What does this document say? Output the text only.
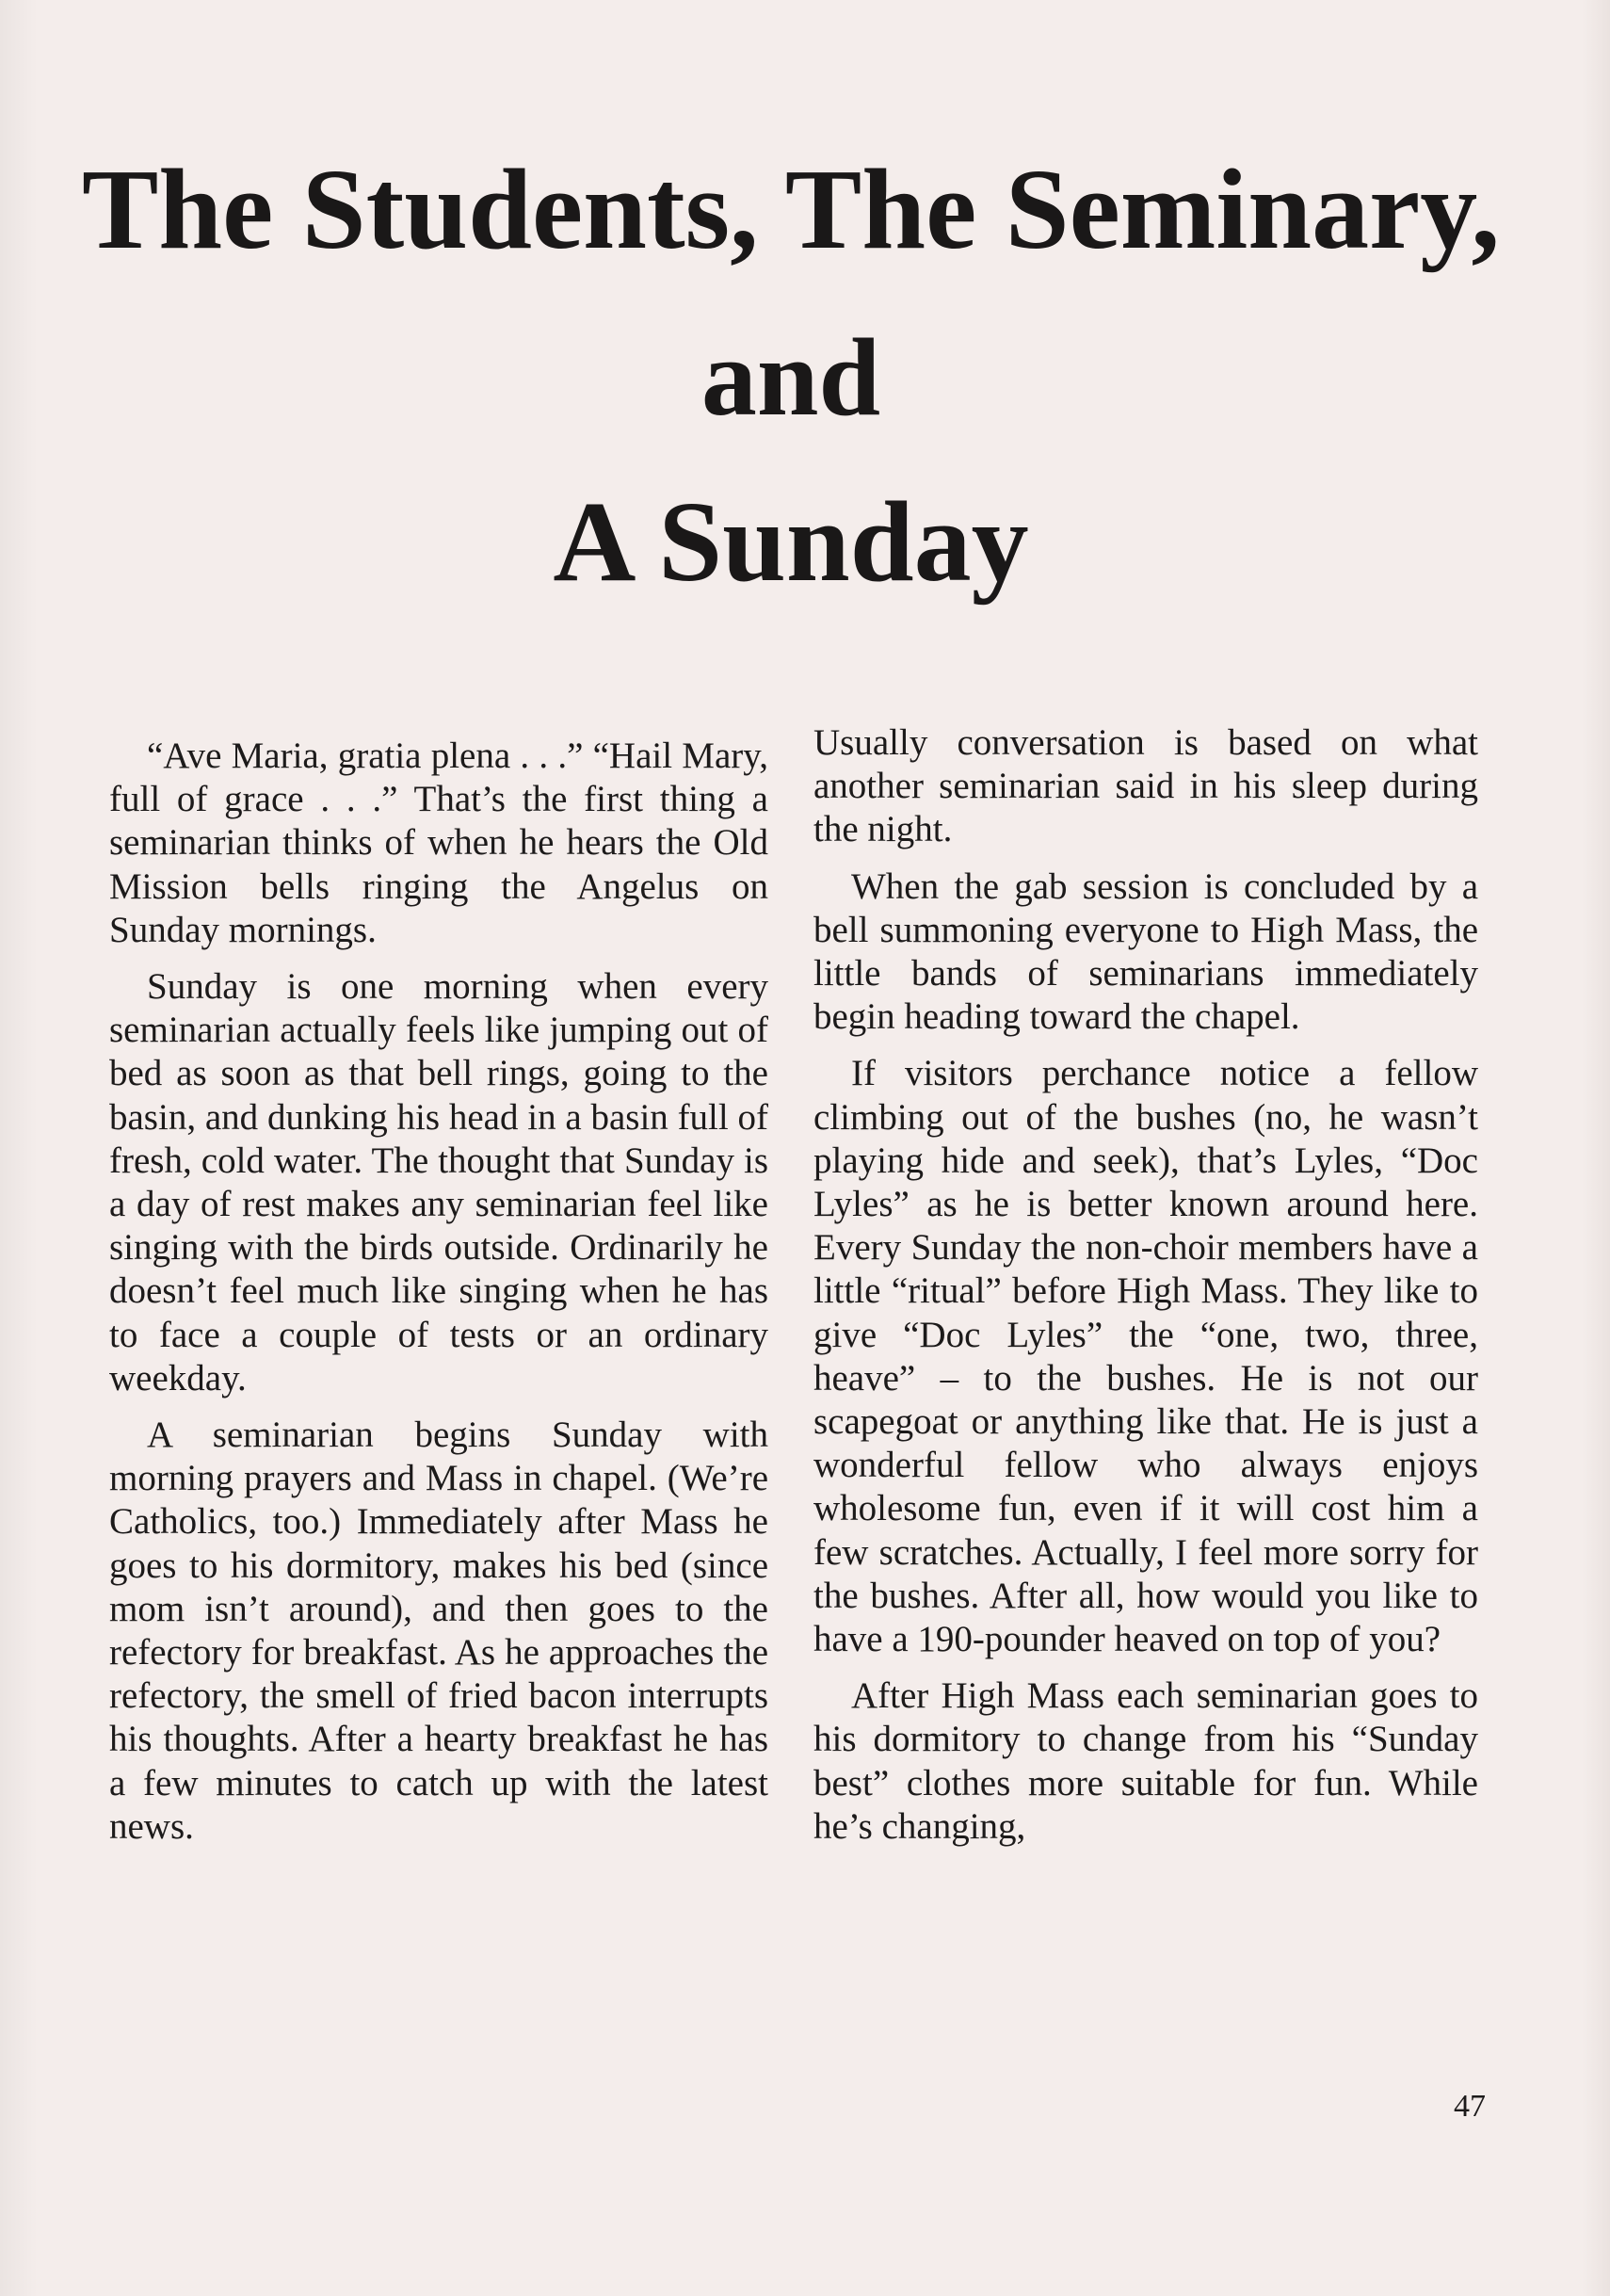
The Students, The Seminary,
and
A Sunday

“Ave Maria, gratia plena . . .” “Hail Mary, full of grace . . .” That’s the first thing a seminarian thinks of when he hears the Old Mission bells ringing the Angelus on Sunday mornings.

Sunday is one morning when every seminarian actually feels like jumping out of bed as soon as that bell rings, going to the basin, and dunking his head in a basin full of fresh, cold water. The thought that Sunday is a day of rest makes any seminarian feel like singing with the birds outside. Ordinarily he doesn’t feel much like singing when he has to face a couple of tests or an ordinary weekday.

A seminarian begins Sunday with morning prayers and Mass in chapel. (We’re Catholics, too.) Immediately after Mass he goes to his dormitory, makes his bed (since mom isn’t around), and then goes to the refectory for breakfast. As he approaches the refectory, the smell of fried bacon interrupts his thoughts. After a hearty breakfast he has a few minutes to catch up with the latest news.

Usually conversation is based on what another seminarian said in his sleep during the night.

When the gab session is concluded by a bell summoning everyone to High Mass, the little bands of seminarians immediately begin heading toward the chapel.

If visitors perchance notice a fellow climbing out of the bushes (no, he wasn’t playing hide and seek), that’s Lyles, “Doc Lyles” as he is better known around here. Every Sunday the non-choir members have a little “ritual” before High Mass. They like to give “Doc Lyles” the “one, two, three, heave” – to the bushes. He is not our scapegoat or anything like that. He is just a wonderful fellow who always enjoys wholesome fun, even if it will cost him a few scratches. Actually, I feel more sorry for the bushes. After all, how would you like to have a 190-pounder heaved on top of you?

After High Mass each seminarian goes to his dormitory to change from his “Sunday best” clothes more suitable for fun. While he’s changing,

47
